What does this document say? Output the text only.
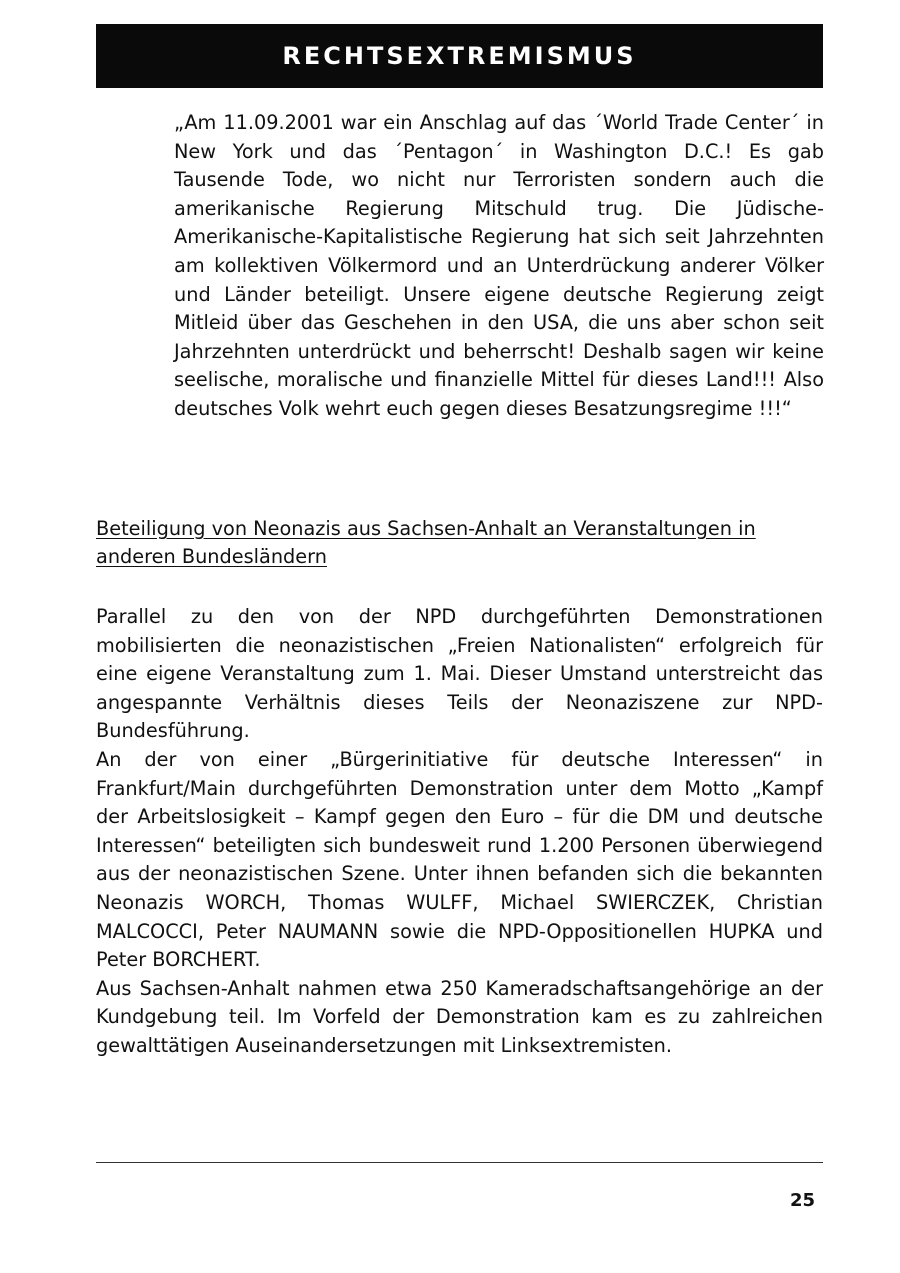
RECHTSEXTREMISMUS

„Am 11.09.2001 war ein Anschlag auf das ´World Trade Center´ in New York und das ´Pentagon´ in Washington D.C.! Es gab Tausende Tode, wo nicht nur Terroristen sondern auch die amerikanische Regierung Mitschuld trug. Die Jüdische-Amerikanische-Kapitalistische Regierung hat sich seit Jahrzehnten am kollektiven Völkermord und an Unterdrückung anderer Völker und Länder beteiligt. Unsere eigene deutsche Regierung zeigt Mitleid über das Geschehen in den USA, die uns aber schon seit Jahrzehnten unterdrückt und beherrscht! Deshalb sagen wir keine seelische, moralische und finanzielle Mittel für dieses Land!!! Also deutsches Volk wehrt euch gegen dieses Besatzungsregime !!!“

Beteiligung von Neonazis aus Sachsen-Anhalt an Veranstaltungen in anderen Bundesländern

Parallel zu den von der NPD durchgeführten Demonstrationen mobilisierten die neonazistischen „Freien Nationalisten“ erfolgreich für eine eigene Veranstaltung zum 1. Mai. Dieser Umstand unterstreicht das angespannte Verhältnis dieses Teils der Neonaziszene zur NPD-Bundesführung.

An der von einer „Bürgerinitiative für deutsche Interessen“ in Frankfurt/Main durchgeführten Demonstration unter dem Motto „Kampf der Arbeitslosigkeit – Kampf gegen den Euro – für die DM und deutsche Interessen“ beteiligten sich bundesweit rund 1.200 Personen überwiegend aus der neonazistischen Szene. Unter ihnen befanden sich die bekannten Neonazis WORCH, Thomas WULFF, Michael SWIERCZEK, Christian MALCOCCI, Peter NAUMANN sowie die NPD-Oppositionellen HUPKA und Peter BORCHERT.

Aus Sachsen-Anhalt nahmen etwa 250 Kameradschaftsangehörige an der Kundgebung teil. Im Vorfeld der Demonstration kam es zu zahlreichen gewalttätigen Auseinandersetzungen mit Linksextremisten.

25
